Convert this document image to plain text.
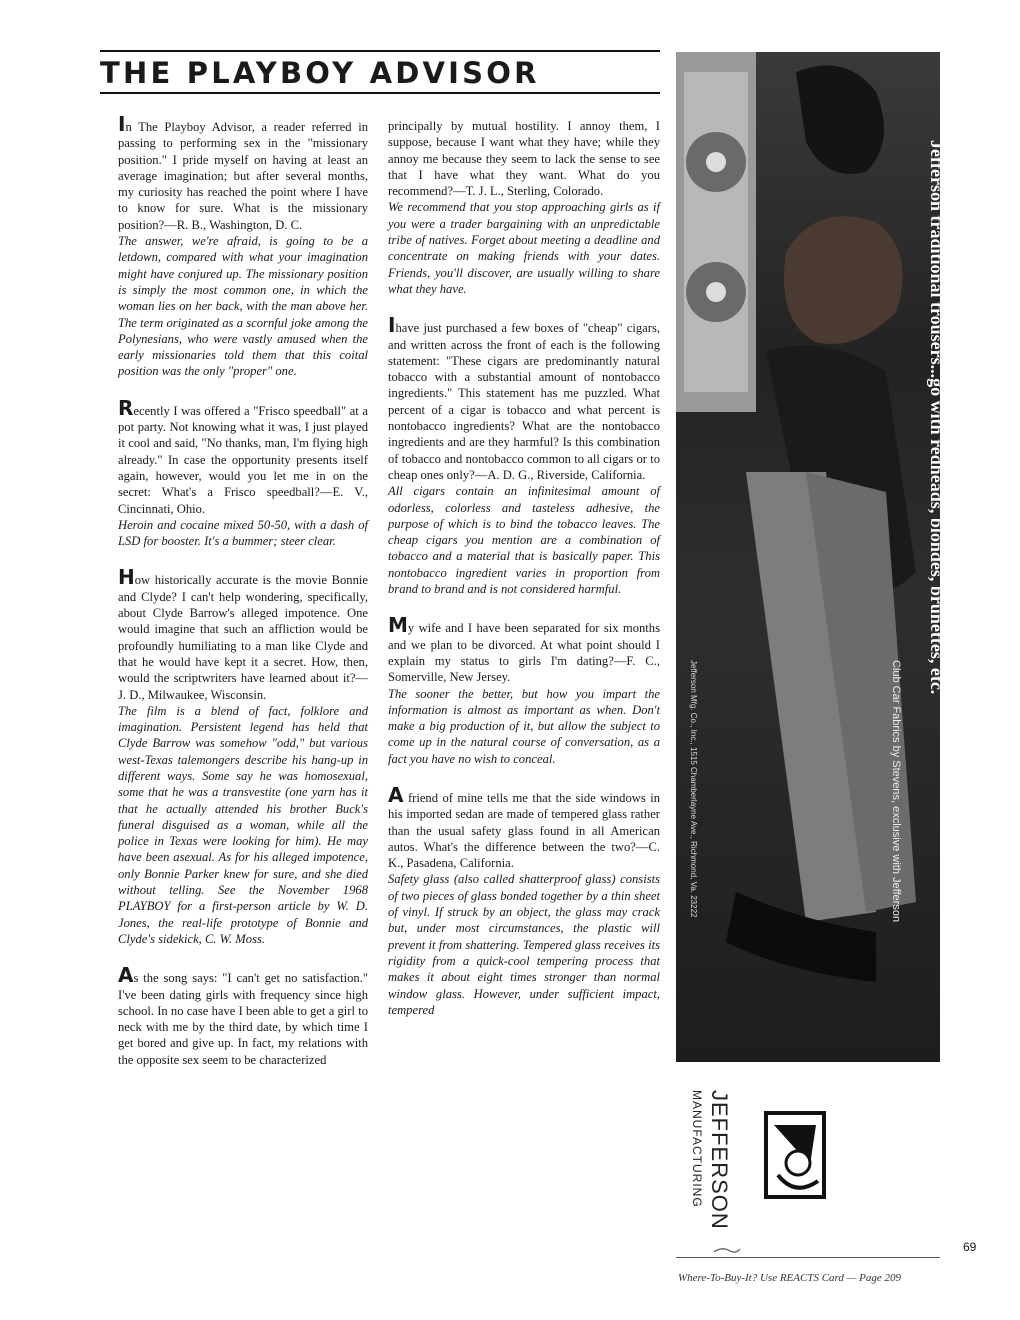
THE PLAYBOY ADVISOR

In The Playboy Advisor, a reader referred in passing to performing sex in the "missionary position." I pride myself on having at least an average imagination; but after several months, my curiosity has reached the point where I have to know for sure. What is the missionary position?—R. B., Washington, D. C.

The answer, we're afraid, is going to be a letdown, compared with what your imagination might have conjured up. The missionary position is simply the most common one, in which the woman lies on her back, with the man above her. The term originated as a scornful joke among the Polynesians, who were vastly amused when the early missionaries told them that this coital position was the only "proper" one.

Recently I was offered a "Frisco speedball" at a pot party. Not knowing what it was, I just played it cool and said, "No thanks, man, I'm flying high already." In case the opportunity presents itself again, however, would you let me in on the secret: What's a Frisco speedball?—E. V., Cincinnati, Ohio.

Heroin and cocaine mixed 50-50, with a dash of LSD for booster. It's a bummer; steer clear.

How historically accurate is the movie Bonnie and Clyde? I can't help wondering, specifically, about Clyde Barrow's alleged impotence. One would imagine that such an affliction would be profoundly humiliating to a man like Clyde and that he would have kept it a secret. How, then, would the scriptwriters have learned about it?—J. D., Milwaukee, Wisconsin.

The film is a blend of fact, folklore and imagination. Persistent legend has held that Clyde Barrow was somehow "odd," but various west-Texas talemongers describe his hang-up in different ways. Some say he was homosexual, some that he was a transvestite (one yarn has it that he actually attended his brother Buck's funeral disguised as a woman, while all the police in Texas were looking for him). He may have been asexual. As for his alleged impotence, only Bonnie Parker knew for sure, and she died without telling. See the November 1968 PLAYBOY for a first-person article by W. D. Jones, the real-life prototype of Bonnie and Clyde's sidekick, C. W. Moss.

As the song says: "I can't get no satisfaction." I've been dating girls with frequency since high school. In no case have I been able to get a girl to neck with me by the third date, by which time I get bored and give up. In fact, my relations with the opposite sex seem to be characterized

principally by mutual hostility. I annoy them, I suppose, because I want what they have; while they annoy me because they seem to lack the sense to see that I have what they want. What do you recommend?—T. J. L., Sterling, Colorado.

We recommend that you stop approaching girls as if you were a trader bargaining with an unpredictable tribe of natives. Forget about meeting a deadline and concentrate on making friends with your dates. Friends, you'll discover, are usually willing to share what they have.

Ihave just purchased a few boxes of "cheap" cigars, and written across the front of each is the following statement: "These cigars are predominantly natural tobacco with a substantial amount of nontobacco ingredients." This statement has me puzzled. What percent of a cigar is tobacco and what percent is nontobacco ingredients? What are the nontobacco ingredients and are they harmful? Is this combination of tobacco and nontobacco common to all cigars or to cheap ones only?—A. D. G., Riverside, California.

All cigars contain an infinitesimal amount of odorless, colorless and tasteless adhesive, the purpose of which is to bind the tobacco leaves. The cheap cigars you mention are a combination of tobacco and a material that is basically paper. This nontobacco ingredient varies in proportion from brand to brand and is not considered harmful.

My wife and I have been separated for six months and we plan to be divorced. At what point should I explain my status to girls I'm dating?—F. C., Somerville, New Jersey.

The sooner the better, but how you impart the information is almost as important as when. Don't make a big production of it, but allow the subject to come up in the natural course of conversation, as a fact you have no wish to conceal.

A friend of mine tells me that the side windows in his imported sedan are made of tempered glass rather than the usual safety glass found in all American autos. What's the difference between the two?—C. K., Pasadena, California.

Safety glass (also called shatterproof glass) consists of two pieces of glass bonded together by a thin sheet of vinyl. If struck by an object, the glass may crack but, under most circumstances, the plastic will prevent it from shattering. Tempered glass receives its rigidity from a quick-cool tempering process that makes it about eight times stronger than normal window glass. However, under sufficient impact, tempered

Jefferson traditional trousers...go with redheads, blondes, brunettes, etc.
Club Car Fabrics by Stevens, exclusive with Jefferson
Jefferson Mfg. Co., Inc., 1515 Chamberlayne Ave., Richmond, Va. 23222
JEFFERSON
MANUFACTURING
69
Where-To-Buy-It? Use REACTS Card — Page 209
